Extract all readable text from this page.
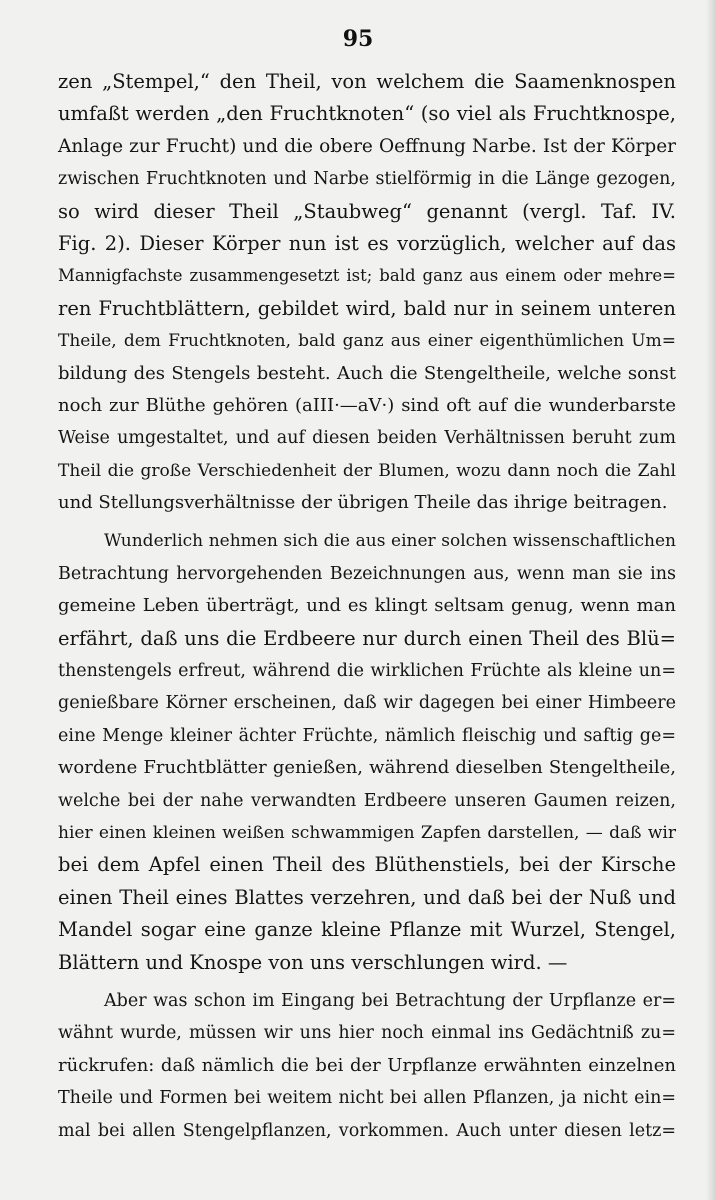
95
zen „Stempel,“ den Theil, von welchem die Saamenknospen
umfaßt werden „den Fruchtknoten“ (so viel als Fruchtknospe,
Anlage zur Frucht) und die obere Oeffnung Narbe. Ist der Körper
zwischen Fruchtknoten und Narbe stielförmig in die Länge gezogen,
so wird dieser Theil „Staubweg“ genannt (vergl. Taf. IV.
Fig. 2). Dieser Körper nun ist es vorzüglich, welcher auf das
Mannigfachste zusammengesetzt ist; bald ganz aus einem oder mehre=
ren Fruchtblättern, gebildet wird, bald nur in seinem unteren
Theile, dem Fruchtknoten, bald ganz aus einer eigenthümlichen Um=
bildung des Stengels besteht. Auch die Stengeltheile, welche sonst
noch zur Blüthe gehören (aIII·—aV·) sind oft auf die wunderbarste
Weise umgestaltet, und auf diesen beiden Verhältnissen beruht zum
Theil die große Verschiedenheit der Blumen, wozu dann noch die Zahl
und Stellungsverhältnisse der übrigen Theile das ihrige beitragen.
Wunderlich nehmen sich die aus einer solchen wissenschaftlichen
Betrachtung hervorgehenden Bezeichnungen aus, wenn man sie ins
gemeine Leben überträgt, und es klingt seltsam genug, wenn man
erfährt, daß uns die Erdbeere nur durch einen Theil des Blü=
thenstengels erfreut, während die wirklichen Früchte als kleine un=
genießbare Körner erscheinen, daß wir dagegen bei einer Himbeere
eine Menge kleiner ächter Früchte, nämlich fleischig und saftig ge=
wordene Fruchtblätter genießen, während dieselben Stengeltheile,
welche bei der nahe verwandten Erdbeere unseren Gaumen reizen,
hier einen kleinen weißen schwammigen Zapfen darstellen, — daß wir
bei dem Apfel einen Theil des Blüthenstiels, bei der Kirsche
einen Theil eines Blattes verzehren, und daß bei der Nuß und
Mandel sogar eine ganze kleine Pflanze mit Wurzel, Stengel,
Blättern und Knospe von uns verschlungen wird. —
Aber was schon im Eingang bei Betrachtung der Urpflanze er=
wähnt wurde, müssen wir uns hier noch einmal ins Gedächtniß zu=
rückrufen: daß nämlich die bei der Urpflanze erwähnten einzelnen
Theile und Formen bei weitem nicht bei allen Pflanzen, ja nicht ein=
mal bei allen Stengelpflanzen, vorkommen. Auch unter diesen letz=
